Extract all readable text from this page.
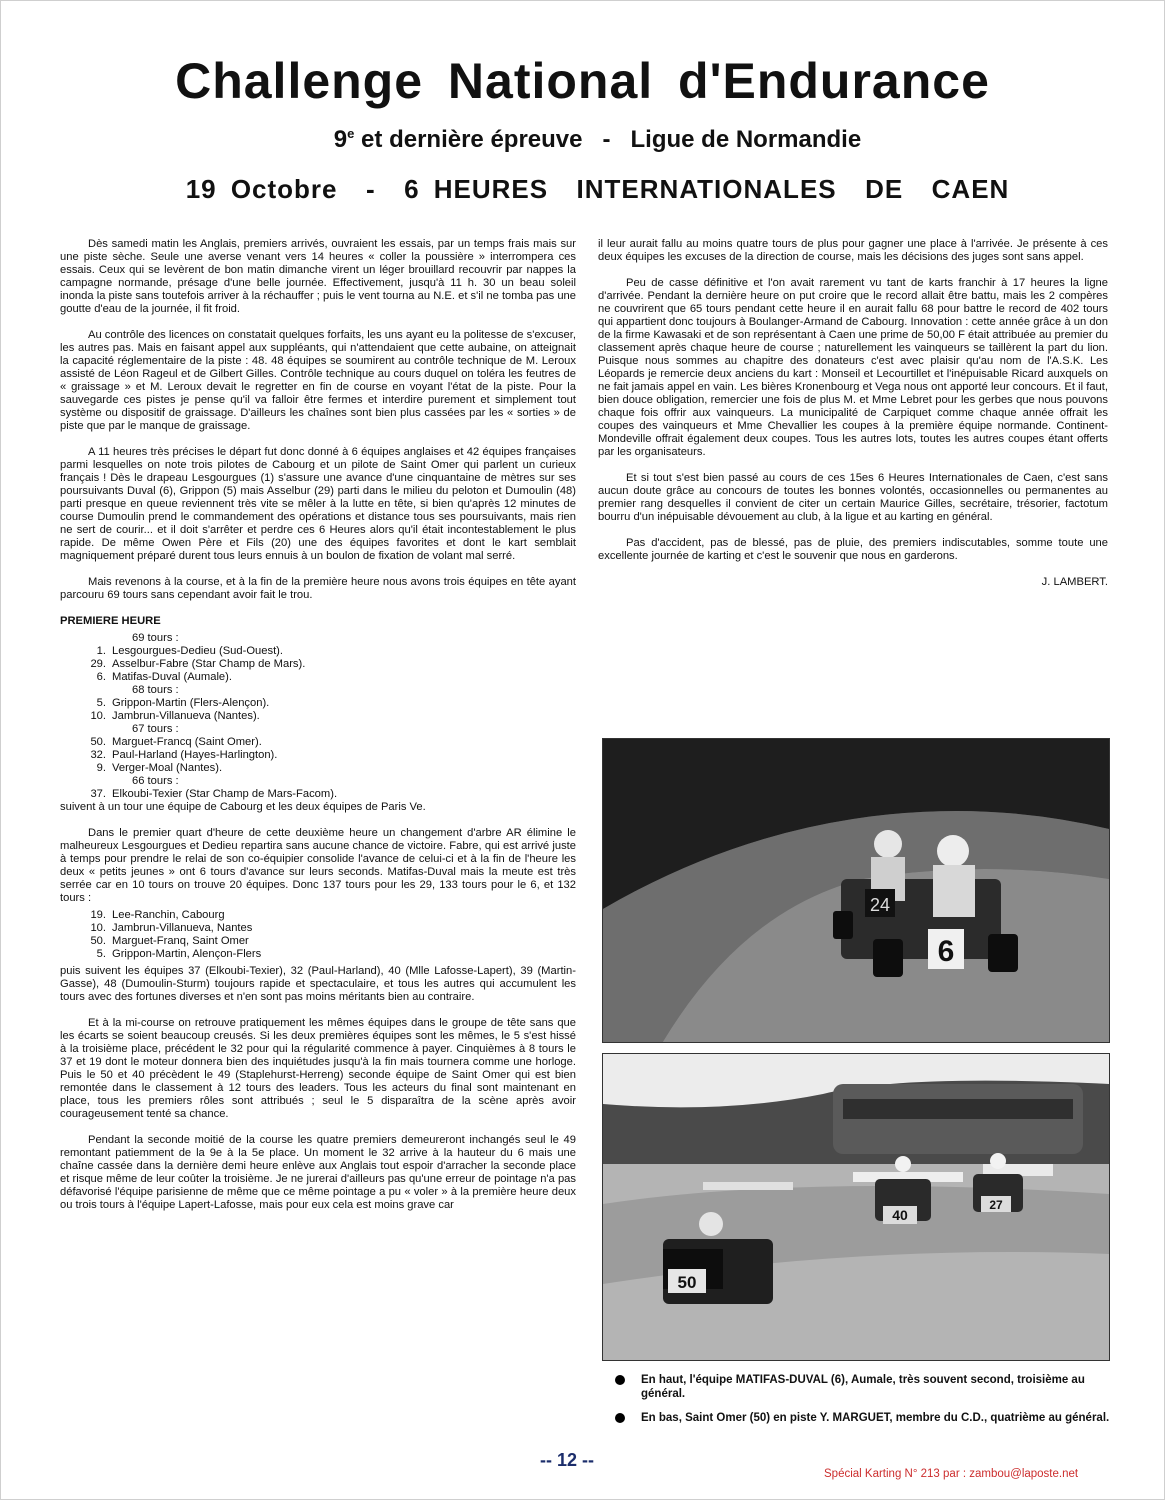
Challenge National d'Endurance
9e et dernière épreuve   -   Ligue de Normandie
19 Octobre  -  6 HEURES  INTERNATIONALES  DE  CAEN

Dès samedi matin les Anglais, premiers arrivés, ouvraient les essais, par un temps frais mais sur une piste sèche. Seule une averse venant vers 14 heures « coller la poussière » interrompera ces essais. Ceux qui se levèrent de bon matin dimanche virent un léger brouillard recouvrir par nappes la campagne normande, présage d'une belle journée. Effectivement, jusqu'à 11 h. 30 un beau soleil inonda la piste sans toutefois arriver à la réchauffer ; puis le vent tourna au N.E. et s'il ne tomba pas une goutte d'eau de la journée, il fit froid.

Au contrôle des licences on constatait quelques forfaits, les uns ayant eu la politesse de s'excuser, les autres pas. Mais en faisant appel aux suppléants, qui n'attendaient que cette aubaine, on atteignait la capacité réglementaire de la piste : 48. 48 équipes se soumirent au contrôle technique de M. Leroux assisté de Léon Rageul et de Gilbert Gilles. Contrôle technique au cours duquel on toléra les feutres de « graissage » et M. Leroux devait le regretter en fin de course en voyant l'état de la piste. Pour la sauvegarde ces pistes je pense qu'il va falloir être fermes et interdire purement et simplement tout système ou dispositif de graissage. D'ailleurs les chaînes sont bien plus cassées par les « sorties » de piste que par le manque de graissage.

A 11 heures très précises le départ fut donc donné à 6 équipes anglaises et 42 équipes françaises parmi lesquelles on note trois pilotes de Cabourg et un pilote de Saint Omer qui parlent un curieux français ! Dès le drapeau Lesgourgues (1) s'assure une avance d'une cinquantaine de mètres sur ses poursuivants Duval (6), Grippon (5) mais Asselbur (29) parti dans le milieu du peloton et Dumoulin (48) parti presque en queue reviennent très vite se mêler à la lutte en tête, si bien qu'après 12 minutes de course Dumoulin prend le commandement des opérations et distance tous ses poursuivants, mais rien ne sert de courir... et il doit s'arrêter et perdre ces 6 Heures alors qu'il était incontestablement le plus rapide. De même Owen Père et Fils (20) une des équipes favorites et dont le kart semblait magniquement préparé durent tous leurs ennuis à un boulon de fixation de volant mal serré.

Mais revenons à la course, et à la fin de la première heure nous avons trois équipes en tête ayant parcouru 69 tours sans cependant avoir fait le trou.

PREMIERE HEURE
69 tours :
1. Lesgourgues-Dedieu (Sud-Ouest).
29. Asselbur-Fabre (Star Champ de Mars).
6. Matifas-Duval (Aumale).
68 tours :
5. Grippon-Martin (Flers-Alençon).
10. Jambrun-Villanueva (Nantes).
67 tours :
50. Marguet-Francq (Saint Omer).
32. Paul-Harland (Hayes-Harlington).
9. Verger-Moal (Nantes).
66 tours :
37. Elkoubi-Texier (Star Champ de Mars-Facom).
suivent à un tour une équipe de Cabourg et les deux équipes de Paris Ve.

Dans le premier quart d'heure de cette deuxième heure un changement d'arbre AR élimine le malheureux Lesgourgues et Dedieu repartira sans aucune chance de victoire. Fabre, qui est arrivé juste à temps pour prendre le relai de son co-équipier consolide l'avance de celui-ci et à la fin de l'heure les deux « petits jeunes » ont 6 tours d'avance sur leurs seconds. Matifas-Duval mais la meute est très serrée car en 10 tours on trouve 20 équipes. Donc 137 tours pour les 29, 133 tours pour le 6, et 132 tours :

19. Lee-Ranchin, Cabourg
10. Jambrun-Villanueva, Nantes
50. Marguet-Franq, Saint Omer
5. Grippon-Martin, Alençon-Flers

puis suivent les équipes 37 (Elkoubi-Texier), 32 (Paul-Harland), 40 (Mlle Lafosse-Lapert), 39 (Martin-Gasse), 48 (Dumoulin-Sturm) toujours rapide et spectaculaire, et tous les autres qui accumulent les tours avec des fortunes diverses et n'en sont pas moins méritants bien au contraire.

Et à la mi-course on retrouve pratiquement les mêmes équipes dans le groupe de tête sans que les écarts se soient beaucoup creusés. Si les deux premières équipes sont les mêmes, le 5 s'est hissé à la troisième place, précédent le 32 pour qui la régularité commence à payer. Cinquièmes à 8 tours le 37 et 19 dont le moteur donnera bien des inquiétudes jusqu'à la fin mais tournera comme une horloge. Puis le 50 et 40 précèdent le 49 (Staplehurst-Herreng) seconde équipe de Saint Omer qui est bien remontée dans le classement à 12 tours des leaders. Tous les acteurs du final sont maintenant en place, tous les premiers rôles sont attribués ; seul le 5 disparaîtra de la scène après avoir courageusement tenté sa chance.

Pendant la seconde moitié de la course les quatre premiers demeureront inchangés seul le 49 remontant patiemment de la 9e à la 5e place. Un moment le 32 arrive à la hauteur du 6 mais une chaîne cassée dans la dernière demi heure enlève aux Anglais tout espoir d'arracher la seconde place et risque même de leur coûter la troisième. Je ne jurerai d'ailleurs pas qu'une erreur de pointage n'a pas défavorisé l'équipe parisienne de même que ce même pointage a pu « voler » à la première heure deux ou trois tours à l'équipe Lapert-Lafosse, mais pour eux cela est moins grave car

il leur aurait fallu au moins quatre tours de plus pour gagner une place à l'arrivée. Je présente à ces deux équipes les excuses de la direction de course, mais les décisions des juges sont sans appel.

Peu de casse définitive et l'on avait rarement vu tant de karts franchir à 17 heures la ligne d'arrivée. Pendant la dernière heure on put croire que le record allait être battu, mais les 2 compères ne couvrirent que 65 tours pendant cette heure il en aurait fallu 68 pour battre le record de 402 tours qui appartient donc toujours à Boulanger-Armand de Cabourg. Innovation : cette année grâce à un don de la firme Kawasaki et de son représentant à Caen une prime de 50,00 F était attribuée au premier du classement après chaque heure de course ; naturellement les vainqueurs se taillèrent la part du lion. Puisque nous sommes au chapitre des donateurs c'est avec plaisir qu'au nom de l'A.S.K. Les Léopards je remercie deux anciens du kart : Monseil et Lecourtillet et l'inépuisable Ricard auxquels on ne fait jamais appel en vain. Les bières Kronenbourg et Vega nous ont apporté leur concours. Et il faut, bien douce obligation, remercier une fois de plus M. et Mme Lebret pour les gerbes que nous pouvons chaque fois offrir aux vainqueurs. La municipalité de Carpiquet comme chaque année offrait les coupes des vainqueurs et Mme Chevallier les coupes à la première équipe normande. Continent-Mondeville offrait également deux coupes. Tous les autres lots, toutes les autres coupes étant offerts par les organisateurs.

Et si tout s'est bien passé au cours de ces 15es 6 Heures Internationales de Caen, c'est sans aucun doute grâce au concours de toutes les bonnes volontés, occasionnelles ou permanentes au premier rang desquelles il convient de citer un certain Maurice Gilles, secrétaire, trésorier, factotum bourru d'un inépuisable dévouement au club, à la ligue et au karting en général.

Pas d'accident, pas de blessé, pas de pluie, des premiers indiscutables, somme toute une excellente journée de karting et c'est le souvenir que nous en garderons.

J. LAMBERT.

24
6
40
27
50
En haut, l'équipe MATIFAS-DUVAL (6), Aumale, très souvent second, troisième au général.
En bas, Saint Omer (50) en piste Y. MARGUET, membre du C.D., quatrième au général.
-- 12 --
Spécial Karting N° 213 par : zambou@laposte.net
